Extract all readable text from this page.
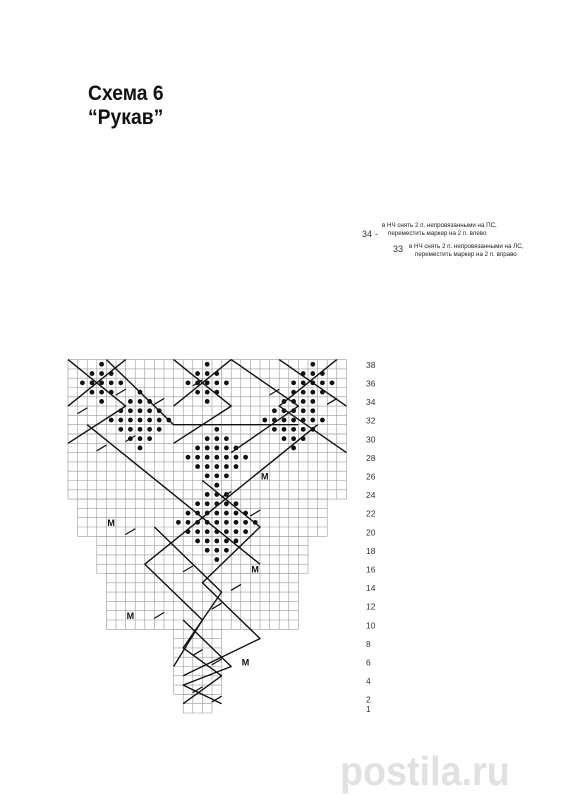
Схема 6
“Рукав”
М
М
М
М
М
38
36
34
32
30
28
26
24
22
20
18
16
14
12
10
8
6
4
2
1
34 -
33
в НЧ снять 2 п. непровязанными на ПС,
переместить маркер на 2 п. влево
в НЧ снять 2 п. непровязанными на ЛС,
переместить маркер на 2 п. вправо
postila.ru
